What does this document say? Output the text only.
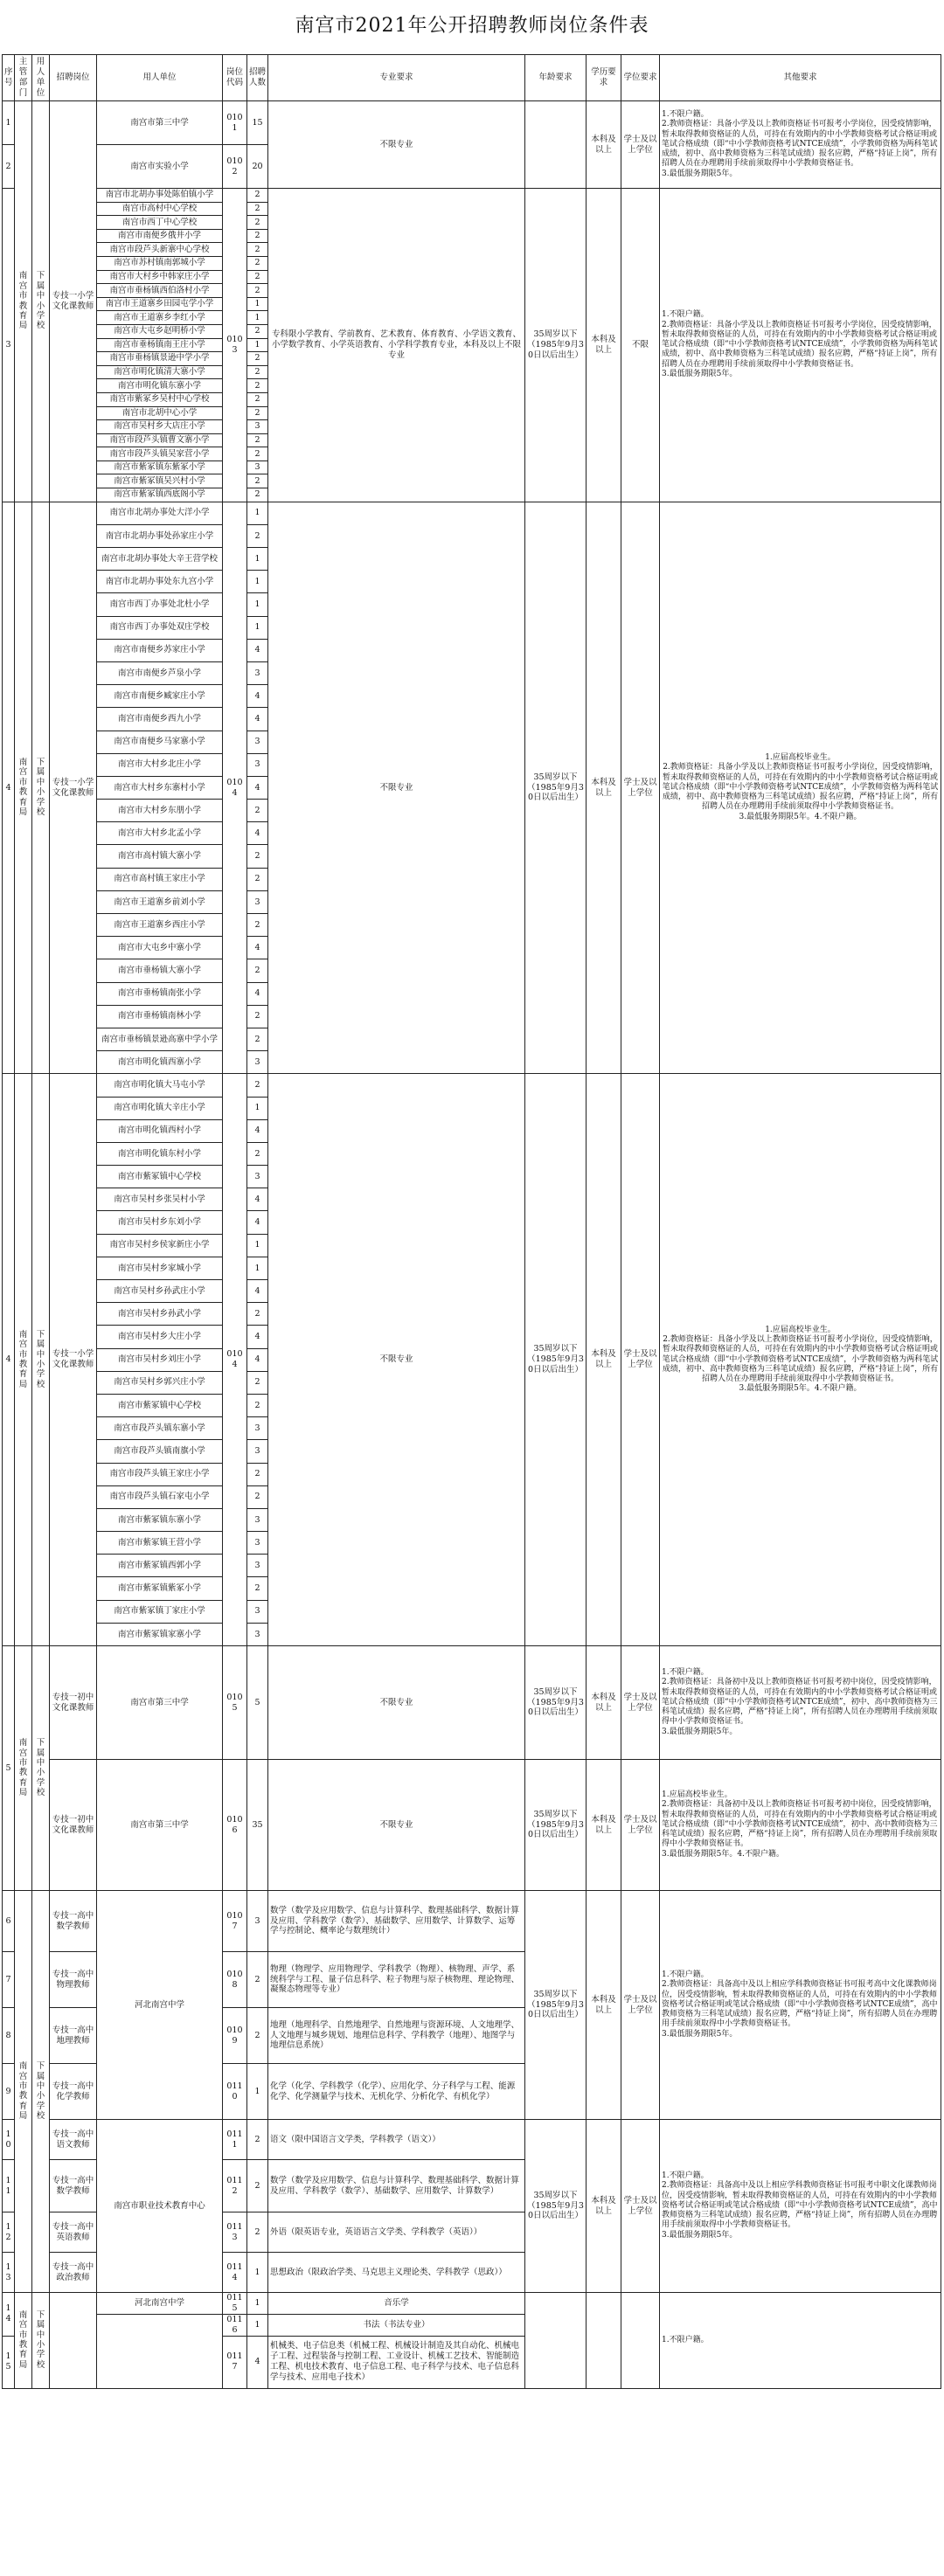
南宫市2021年公开招聘教师岗位条件表
序号	主管部门	用人单位	招聘岗位	用人单位	岗位代码	招聘人数	专业要求	年龄要求	学历要求	学位要求	其他要求
1	南宫市教育局	下属中小学校	专技一小学文化课教师	南宫市第三中学	0101	15	不限专业		本科及以上	学士及以上学位	1.不限户籍。
2.教师资格证：具备小学及以上教师资格证书可报考小学岗位，因受疫情影响，暂未取得教师资格证的人员，可持在有效期内的中小学教师资格考试合格证明或笔试合格成绩（即“中小学教师资格考试NTCE成绩”，小学教师资格为两科笔试成绩，初中、高中教师资格为三科笔试成绩）报名应聘，严格“持证上岗”，所有招聘人员在办理聘用手续前须取得中小学教师资格证书。
3.最低服务期限5年。
2				南宫市实验小学	0102	20					
3				南宫市北胡办事处陈伯镇小学	0103	2	专科限小学教育、学前教育、艺术教育、体育教育、小学语文教育、小学数学教育、小学英语教育、小学科学教育专业，本科及以上不限专业	35周岁以下（1985年9月30日以后出生）	本科及以上	不限	1.不限户籍。
2.教师资格证：具备小学及以上教师资格证书可报考小学岗位，因受疫情影响，暂未取得教师资格证的人员，可持在有效期内的中小学教师资格考试合格证明或笔试合格成绩（即“中小学教师资格考试NTCE成绩”，小学教师资格为两科笔试成绩，初中、高中教师资格为三科笔试成绩）报名应聘，严格“持证上岗”，所有招聘人员在办理聘用手续前须取得中小学教师资格证书。
3.最低服务期限5年。
				南宫市高村中心学校		2					
				南宫市西丁中心学校		2					
				南宫市南便乡俄井小学		2					
				南宫市段芦头新寨中心学校		2					
				南宫市苏村镇南郭城小学		2					
				南宫市大村乡中韩家庄小学		2					
				南宫市垂杨镇西伯洛村小学		2					
				南宫市王道寨乡田园屯学小学		1					
				南宫市王道寨乡李红小学		1					
				南宫市大屯乡赵明桥小学		2					
				南宫市垂杨镇南王庄小学		1					
				南宫市垂杨镇景逊中学小学		2					
				南宫市明化镇清大寨小学		2					
				南宫市明化镇东寨小学		2					
				南宫市紫冢乡吴村中心学校		2					
				南宫市北胡中心小学		2					
				南宫市吴村乡大店庄小学		3					
				南宫市段芦头镇曹文寨小学		2					
				南宫市段芦头镇吴家营小学		2					
				南宫市紫冢镇东紫冢小学		3					
				南宫市紫冢镇吴兴村小学		2					
				南宫市紫冢镇西底阁小学		2					
4	南宫市教育局	下属中小学校	专技一小学文化课教师	南宫市北胡办事处大洋小学	0104	1	不限专业	35周岁以下（1985年9月30日以后出生）	本科及以上	学士及以上学位	1.应届高校毕业生。
2.教师资格证：具备小学及以上教师资格证书可报考小学岗位，因受疫情影响，暂未取得教师资格证的人员，可持在有效期内的中小学教师资格考试合格证明或笔试合格成绩（即“中小学教师资格考试NTCE成绩”，小学教师资格为两科笔试成绩，初中、高中教师资格为三科笔试成绩）报名应聘，严格“持证上岗”，所有招聘人员在办理聘用手续前须取得中小学教师资格证书。
3.最低服务期限5年。4.不限户籍。
				南宫市北胡办事处孙家庄小学		2					
				南宫市北胡办事处大辛王营学校		1					
				南宫市北胡办事处东九宫小学		1					
				南宫市西丁办事处北杜小学		1					
				南宫市西丁办事处双庄学校		1					
				南宫市南便乡苏家庄小学		4					
				南宫市南便乡芦泉小学		3					
				南宫市南便乡臧家庄小学		4					
				南宫市南便乡西九小学		4					
				南宫市南便乡马家寨小学		3					
				南宫市大村乡北庄小学		3					
				南宫市大村乡东寨村小学		4					
				南宫市大村乡东朋小学		2					
				南宫市大村乡北孟小学		4					
				南宫市高村镇大寨小学		2					
				南宫市高村镇王家庄小学		2					
				南宫市王道寨乡前刘小学		3					
				南宫市王道寨乡西庄小学		2					
				南宫市大屯乡中寨小学		4					
				南宫市垂杨镇大寨小学		2					
				南宫市垂杨镇南张小学		4					
				南宫市垂杨镇南林小学		2					
				南宫市垂杨镇景逊高寨中学小学		2					
				南宫市明化镇西寨小学		3					
4	南宫市教育局	下属中小学校	专技一小学文化课教师	南宫市明化镇大马屯小学	0104	2	不限专业	35周岁以下（1985年9月30日以后出生）	本科及以上	学士及以上学位	1.应届高校毕业生。
2.教师资格证：具备小学及以上教师资格证书可报考小学岗位，因受疫情影响，暂未取得教师资格证的人员，可持在有效期内的中小学教师资格考试合格证明或笔试合格成绩（即“中小学教师资格考试NTCE成绩”，小学教师资格为两科笔试成绩，初中、高中教师资格为三科笔试成绩）报名应聘，严格“持证上岗”，所有招聘人员在办理聘用手续前须取得中小学教师资格证书。
3.最低服务期限5年。4.不限户籍。
				南宫市明化镇大辛庄小学		1					
				南宫市明化镇西村小学		4					
				南宫市明化镇东村小学		2					
				南宫市紫冢镇中心学校		3					
				南宫市吴村乡张吴村小学		4					
				南宫市吴村乡东刘小学		4					
				南宫市吴村乡侯家新庄小学		1					
				南宫市吴村乡家城小学		1					
				南宫市吴村乡孙武庄小学		4					
				南宫市吴村乡孙武小学		2					
				南宫市吴村乡大庄小学		4					
				南宫市吴村乡刘庄小学		4					
				南宫市吴村乡郭兴庄小学		2					
				南宫市紫冢镇中心学校		2					
				南宫市段芦头镇东寨小学		3					
				南宫市段芦头镇南旗小学		3					
				南宫市段芦头镇王家庄小学		2					
				南宫市段芦头镇石家屯小学		2					
				南宫市紫冢镇东寨小学		3					
				南宫市紫冢镇王营小学		3					
				南宫市紫冢镇西郭小学		3					
				南宫市紫冢镇紫冢小学		2					
				南宫市紫冢镇丁家庄小学		3					
				南宫市紫冢镇家寨小学		3					
5	南宫市教育局	下属中小学校	专技一初中文化课教师	南宫市第三中学	0105	5	不限专业	35周岁以下（1985年9月30日以后出生）	本科及以上	学士及以上学位	1.不限户籍。
2.教师资格证：具备初中及以上教师资格证书可报考初中岗位，因受疫情影响，暂未取得教师资格证的人员，可持在有效期内的中小学教师资格考试合格证明或笔试合格成绩（即“中小学教师资格考试NTCE成绩”，初中、高中教师资格为三科笔试成绩）报名应聘，严格“持证上岗”，所有招聘人员在办理聘用手续前须取得中小学教师资格证书。
3.最低服务期限5年。
			专技一初中文化课教师	南宫市第三中学	0106	35	不限专业	35周岁以下（1985年9月30日以后出生）	本科及以上	学士及以上学位	1.应届高校毕业生。
2.教师资格证：具备初中及以上教师资格证书可报考初中岗位，因受疫情影响，暂未取得教师资格证的人员，可持在有效期内的中小学教师资格考试合格证明或笔试合格成绩（即“中小学教师资格考试NTCE成绩”，初中、高中教师资格为三科笔试成绩）报名应聘，严格“持证上岗”，所有招聘人员在办理聘用手续前须取得中小学教师资格证书。
3.最低服务期限5年。4.不限户籍。
6	南宫市教育局	下属中小学校	专技一高中数学教师	河北南宫中学	0107	3	数学（数学及应用数学、信息与计算科学、数理基础科学、数据计算及应用、学科教学（数学）、基础数学、应用数学、计算数学、运筹学与控制论、概率论与数理统计）	35周岁以下（1985年9月30日以后出生）	本科及以上	学士及以上学位	1.不限户籍。
2.教师资格证：具备高中及以上相应学科教师资格证书可报考高中文化课教师岗位，因受疫情影响，暂未取得教师资格证的人员，可持在有效期内的中小学教师资格考试合格证明或笔试合格成绩（即“中小学教师资格考试NTCE成绩”，高中教师资格为三科笔试成绩）报名应聘，严格“持证上岗”，所有招聘人员在办理聘用手续前须取得中小学教师资格证书。
3.最低服务期限5年。
7			专技一高中物理教师		0108	2	物理（物理学、应用物理学、学科教学（物理）、核物理、声学、系统科学与工程、量子信息科学、粒子物理与原子核物理、理论物理、凝聚态物理等专业）				
8			专技一高中地理教师		0109	2	地理（地理科学、自然地理学、自然地理与资源环境、人文地理学、人文地理与城乡规划、地理信息科学、学科教学（地理）、地图学与地理信息系统）				
9			专技一高中化学教师		0110	1	化学（化学、学科教学（化学）、应用化学、分子科学与工程、能源化学、化学测量学与技术、无机化学、分析化学、有机化学）				
10			专技一高中语文教师	南宫市职业技术教育中心	0111	2	语文（限中国语言文学类，学科教学（语文））	35周岁以下（1985年9月30日以后出生）	本科及以上	学士及以上学位	1.不限户籍。
2.教师资格证：具备高中及以上相应学科教师资格证书可报考中职文化课教师岗位，因受疫情影响，暂未取得教师资格证的人员，可持在有效期内的中小学教师资格考试合格证明或笔试合格成绩（即“中小学教师资格考试NTCE成绩”，高中教师资格为三科笔试成绩）报名应聘，严格“持证上岗”，所有招聘人员在办理聘用手续前须取得中小学教师资格证书。
3.最低服务期限5年。
11			专技一高中数学教师		0112	2	数学（数学及应用数学、信息与计算科学、数理基础科学、数据计算及应用、学科教学（数学）、基础数学、应用数学、计算数学）				
12			专技一高中英语教师		0113	2	外语（限英语专业，英语语言文学类、学科教学（英语））				
13			专技一高中政治教师		0114	1	思想政治（限政治学类、马克思主义理论类、学科教学（思政））				
14	南宫市教育局	下属中小学校		河北南宫中学	0115	1	音乐学				1.不限户籍。
					0116	1	书法（书法专业）				
15					0117	4	机械类、电子信息类（机械工程、机械设计制造及其自动化、机械电子工程、过程装备与控制工程、工业设计、机械工艺技术、智能制造工程、机电技术教育、电子信息工程、电子科学与技术、电子信息科学与技术、应用电子技术）				
